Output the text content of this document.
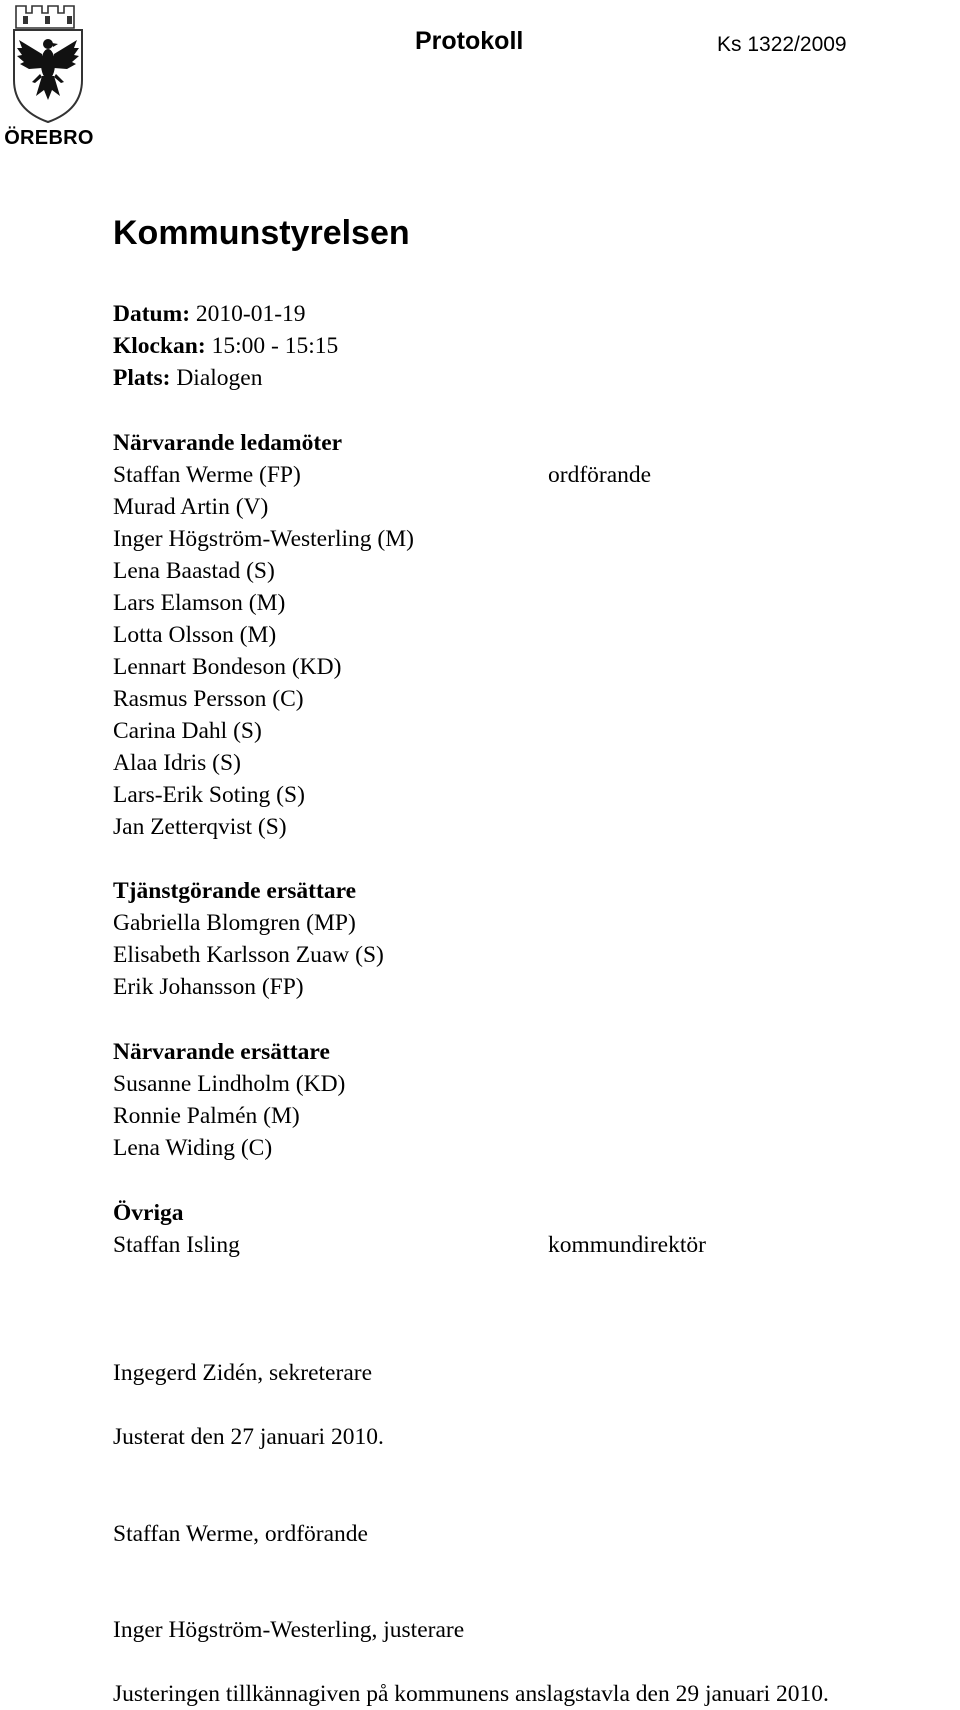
ÖREBRO
Protokoll	Ks 1322/2009
Kommunstyrelsen
Datum: 2010-01-19
Klockan: 15:00 - 15:15
Plats: Dialogen
Närvarande ledamöter
Staffan Werme (FP)	ordförande
Murad Artin (V)
Inger Högström-Westerling (M)
Lena Baastad (S)
Lars Elamson (M)
Lotta Olsson (M)
Lennart Bondeson (KD)
Rasmus Persson (C)
Carina Dahl (S)
Alaa Idris (S)
Lars-Erik Soting (S)
Jan Zetterqvist (S)
Tjänstgörande ersättare
Gabriella Blomgren (MP)
Elisabeth Karlsson Zuaw (S)
Erik Johansson (FP)
Närvarande ersättare
Susanne Lindholm (KD)
Ronnie Palmén (M)
Lena Widing (C)
Övriga
Staffan Isling	kommundirektör
Ingegerd Zidén, sekreterare
Justerat den 27 januari 2010.
Staffan Werme, ordförande
Inger Högström-Westerling, justerare
Justeringen tillkännagiven på kommunens anslagstavla den 29 januari 2010.
